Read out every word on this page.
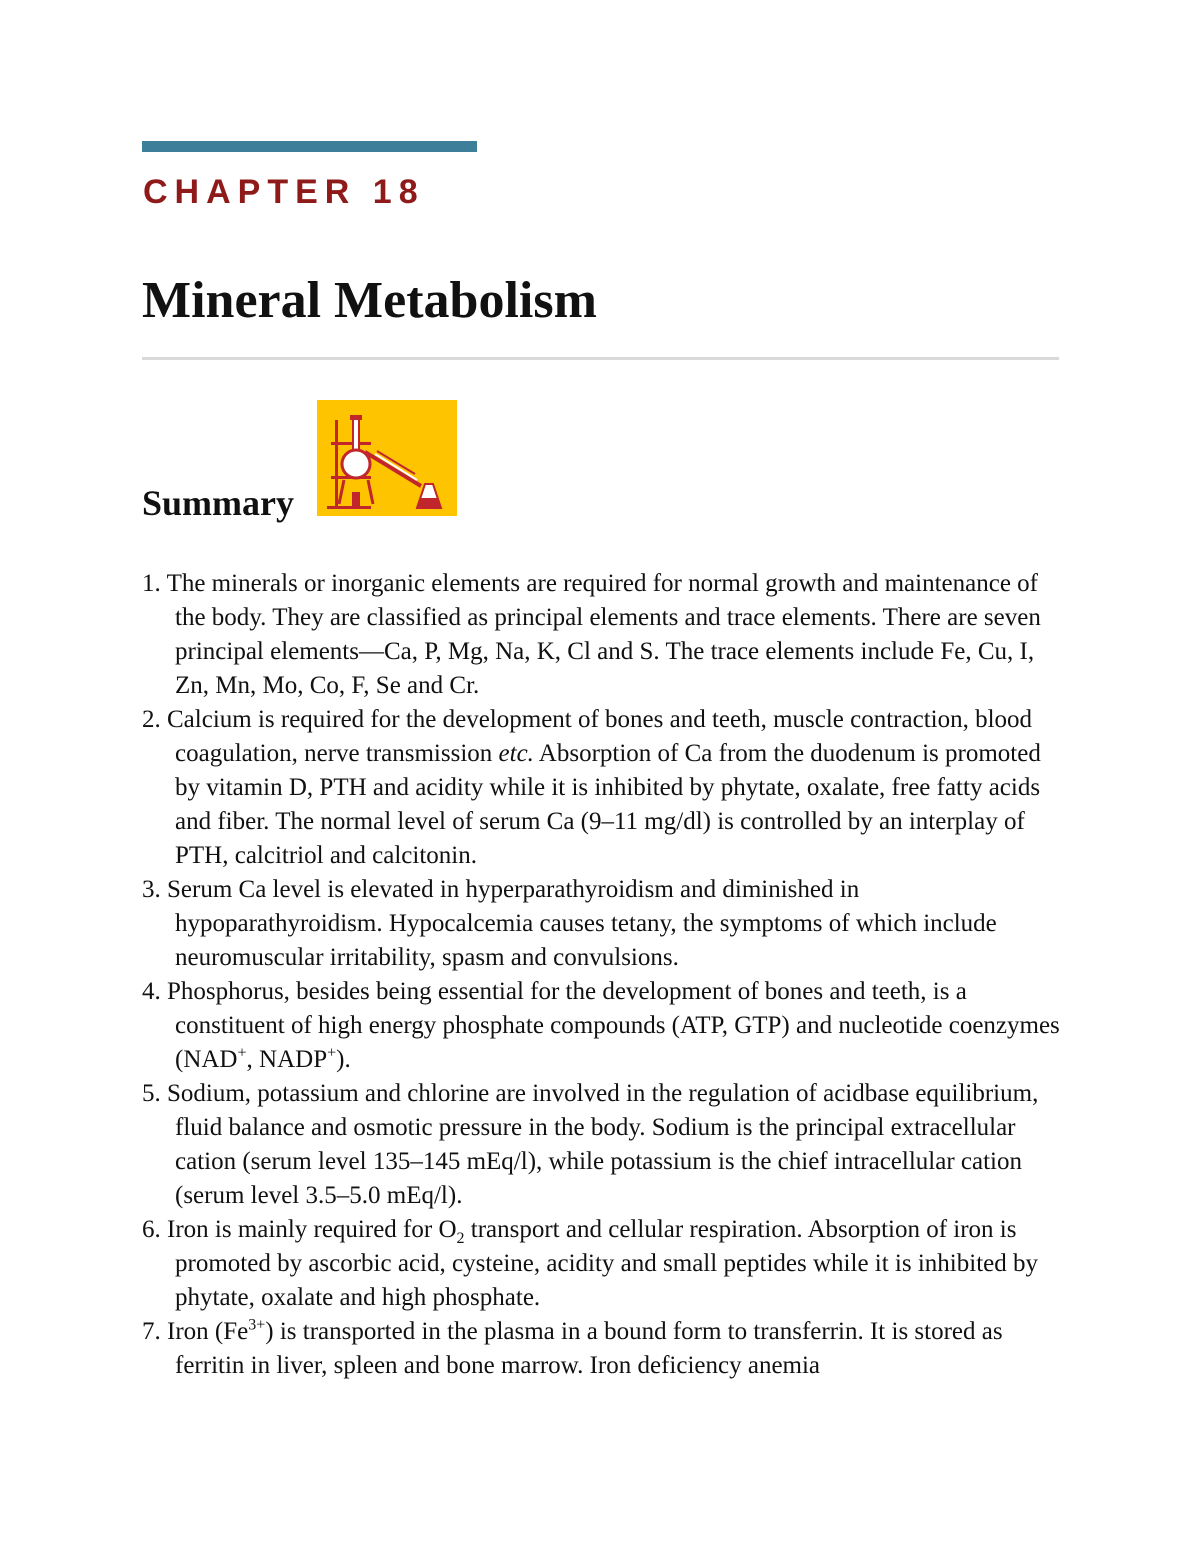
CHAPTER 18
Mineral Metabolism
Summary
1. The minerals or inorganic elements are required for normal growth and maintenance of the body. They are classified as principal elements and trace elements. There are seven principal elements—Ca, P, Mg, Na, K, Cl and S. The trace elements include Fe, Cu, I, Zn, Mn, Mo, Co, F, Se and Cr.
2. Calcium is required for the development of bones and teeth, muscle contraction, blood coagulation, nerve transmission etc. Absorption of Ca from the duodenum is promoted by vitamin D, PTH and acidity while it is inhibited by phytate, oxalate, free fatty acids and fiber. The normal level of serum Ca (9–11 mg/dl) is controlled by an interplay of PTH, calcitriol and calcitonin.
3. Serum Ca level is elevated in hyperparathyroidism and diminished in hypoparathyroidism. Hypocalcemia causes tetany, the symptoms of which include neuromuscular irritability, spasm and convulsions.
4. Phosphorus, besides being essential for the development of bones and teeth, is a constituent of high energy phosphate compounds (ATP, GTP) and nucleotide coenzymes (NAD+, NADP+).
5. Sodium, potassium and chlorine are involved in the regulation of acidbase equilibrium, fluid balance and osmotic pressure in the body. Sodium is the principal extracellular cation (serum level 135–145 mEq/l), while potassium is the chief intracellular cation (serum level 3.5–5.0 mEq/l).
6. Iron is mainly required for $O_2$ transport and cellular respiration. Absorption of iron is promoted by ascorbic acid, cysteine, acidity and small peptides while it is inhibited by phytate, oxalate and high phosphate.
7. Iron $(Fe^{3+})$ is transported in the plasma in a bound form to transferrin. It is stored as ferritin in liver, spleen and bone marrow. Iron deficiency anemia
